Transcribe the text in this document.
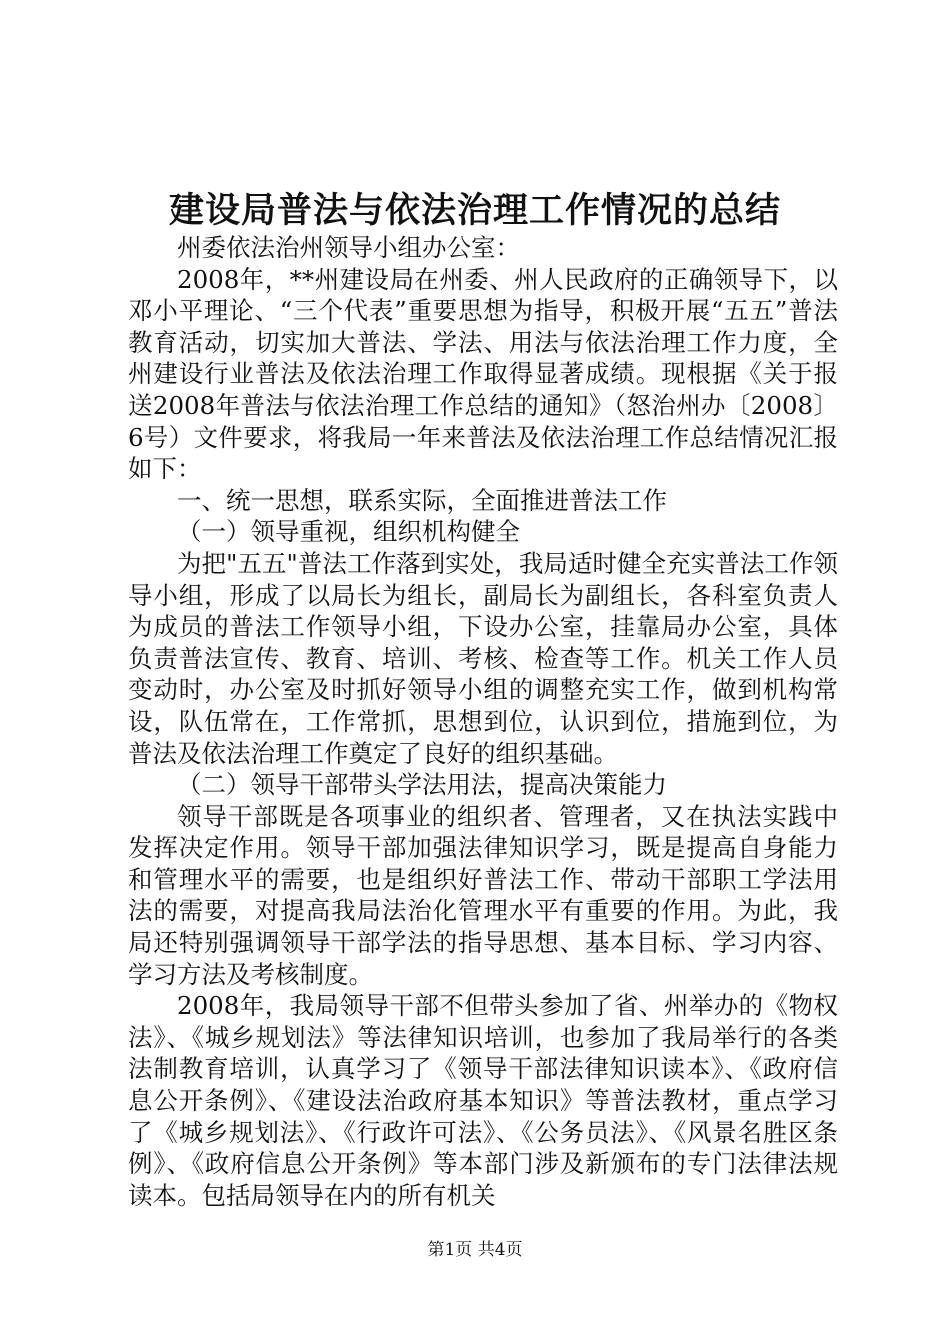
建设局普法与依法治理工作情况的总结

州委依法治州领导小组办公室：

2008年，**州建设局在州委、州人民政府的正确领导下，以邓小平理论、“三个代表”重要思想为指导，积极开展“五五”普法教育活动，切实加大普法、学法、用法与依法治理工作力度，全州建设行业普法及依法治理工作取得显著成绩。现根据《关于报送2008年普法与依法治理工作总结的通知》（怒治州办〔2008〕6号）文件要求，将我局一年来普法及依法治理工作总结情况汇报如下：

一、统一思想，联系实际，全面推进普法工作

（一）领导重视，组织机构健全

为把"五五"普法工作落到实处，我局适时健全充实普法工作领导小组，形成了以局长为组长，副局长为副组长，各科室负责人为成员的普法工作领导小组，下设办公室，挂靠局办公室，具体负责普法宣传、教育、培训、考核、检查等工作。机关工作人员变动时，办公室及时抓好领导小组的调整充实工作，做到机构常设，队伍常在，工作常抓，思想到位，认识到位，措施到位，为普法及依法治理工作奠定了良好的组织基础。

（二）领导干部带头学法用法，提高决策能力

领导干部既是各项事业的组织者、管理者，又在执法实践中发挥决定作用。领导干部加强法律知识学习，既是提高自身能力和管理水平的需要，也是组织好普法工作、带动干部职工学法用法的需要，对提高我局法治化管理水平有重要的作用。为此，我局还特别强调领导干部学法的指导思想、基本目标、学习内容、学习方法及考核制度。

2008年，我局领导干部不但带头参加了省、州举办的《物权法》、《城乡规划法》等法律知识培训，也参加了我局举行的各类法制教育培训，认真学习了《领导干部法律知识读本》、《政府信息公开条例》、《建设法治政府基本知识》等普法教材，重点学习了《城乡规划法》、《行政许可法》、《公务员法》、《风景名胜区条例》、《政府信息公开条例》等本部门涉及新颁布的专门法律法规读本。包括局领导在内的所有机关

第1页 共4页
